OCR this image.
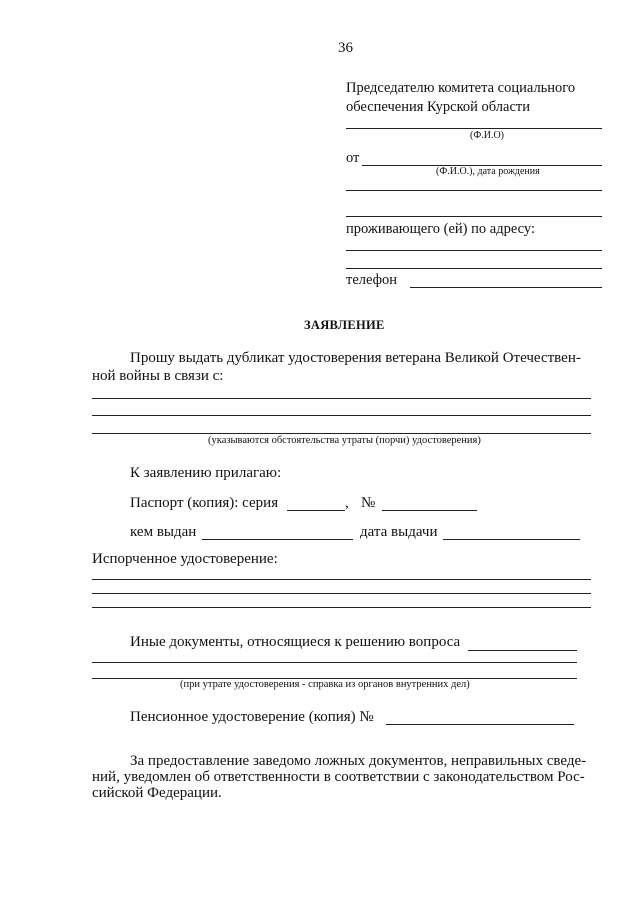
36
Председателю комитета социального
обеспечения Курской области
(Ф.И.О)
от
(Ф.И.О.), дата рождения
проживающего (ей) по адресу:
телефон
ЗАЯВЛЕНИЕ
Прошу выдать дубликат удостоверения ветерана Великой Отечествен-
ной войны в связи с:
(указываются обстоятельства утраты (порчи) удостоверения)
К заявлению прилагаю:
Паспорт (копия): серия	, №
кем выдан	дата выдачи
Испорченное удостоверение:
Иные документы, относящиеся к решению вопроса
(при утрате удостоверения - справка из органов внутренних дел)
Пенсионное удостоверение (копия) №
За предоставление заведомо ложных документов, неправильных сведе-
ний, уведомлен об ответственности в соответствии с законодательством Рос-
сийской Федерации.
